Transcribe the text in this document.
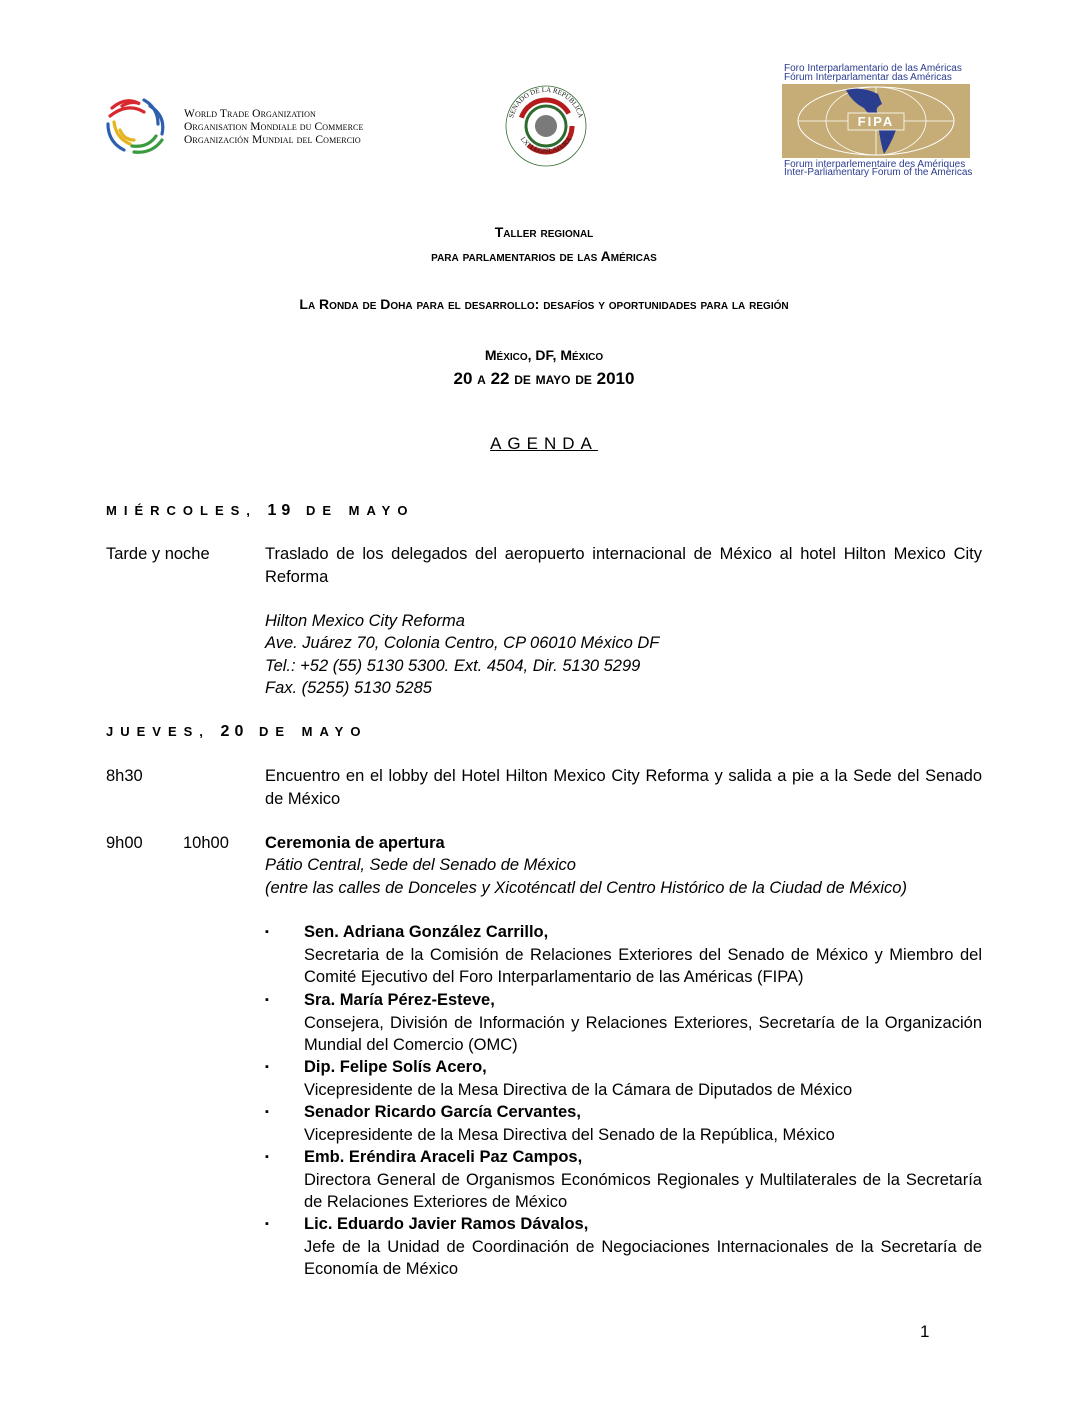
World Trade Organization
Organisation Mondiale du Commerce
Organización Mundial del Comercio
SENADO DE LA REPÚBLICA
LXI LEGISLATURA
Foro Interparlamentario de las Américas
Fórum Interparlamentar das Américas
FIPA
Forum interparlementaire des Amériques
Inter-Parliamentary Forum of the Americas
Taller regional
para parlamentarios de las Américas
La Ronda de Doha para el desarrollo: desafíos y oportunidades para la región
México, DF, México
20 a 22 de mayo de 2010
AGENDA
MIÉRCOLES, 19 DE MAYO
Tarde y noche	Traslado de los delegados del aeropuerto internacional de México al hotel Hilton Mexico City Reforma
Hilton Mexico City Reforma
Ave. Juárez 70, Colonia Centro, CP 06010 México DF
Tel.: +52 (55) 5130 5300. Ext. 4504, Dir. 5130 5299
Fax. (5255) 5130 5285
JUEVES, 20 DE MAYO
8h30	Encuentro en el lobby del Hotel Hilton Mexico City Reforma y salida a pie a la Sede del Senado de México
9h00 10h00 Ceremonia de apertura
Pátio Central, Sede del Senado de México
(entre las calles de Donceles y Xicoténcatl del Centro Histórico de la Ciudad de México)
▪	Sen. Adriana González Carrillo,
Secretaria de la Comisión de Relaciones Exteriores del Senado de México y Miembro del Comité Ejecutivo del Foro Interparlamentario de las Américas (FIPA)
▪	Sra. María Pérez-Esteve,
Consejera, División de Información y Relaciones Exteriores, Secretaría de la Organización Mundial del Comercio (OMC)
▪	Dip. Felipe Solís Acero,
Vicepresidente de la Mesa Directiva de la Cámara de Diputados de México
▪	Senador Ricardo García Cervantes,
Vicepresidente de la Mesa Directiva del Senado de la República, México
▪	Emb. Eréndira Araceli Paz Campos,
Directora General de Organismos Económicos Regionales y Multilaterales de la Secretaría de Relaciones Exteriores de México
▪	Lic. Eduardo Javier Ramos Dávalos,
Jefe de la Unidad de Coordinación de Negociaciones Internacionales de la Secretaría de Economía de México
1
